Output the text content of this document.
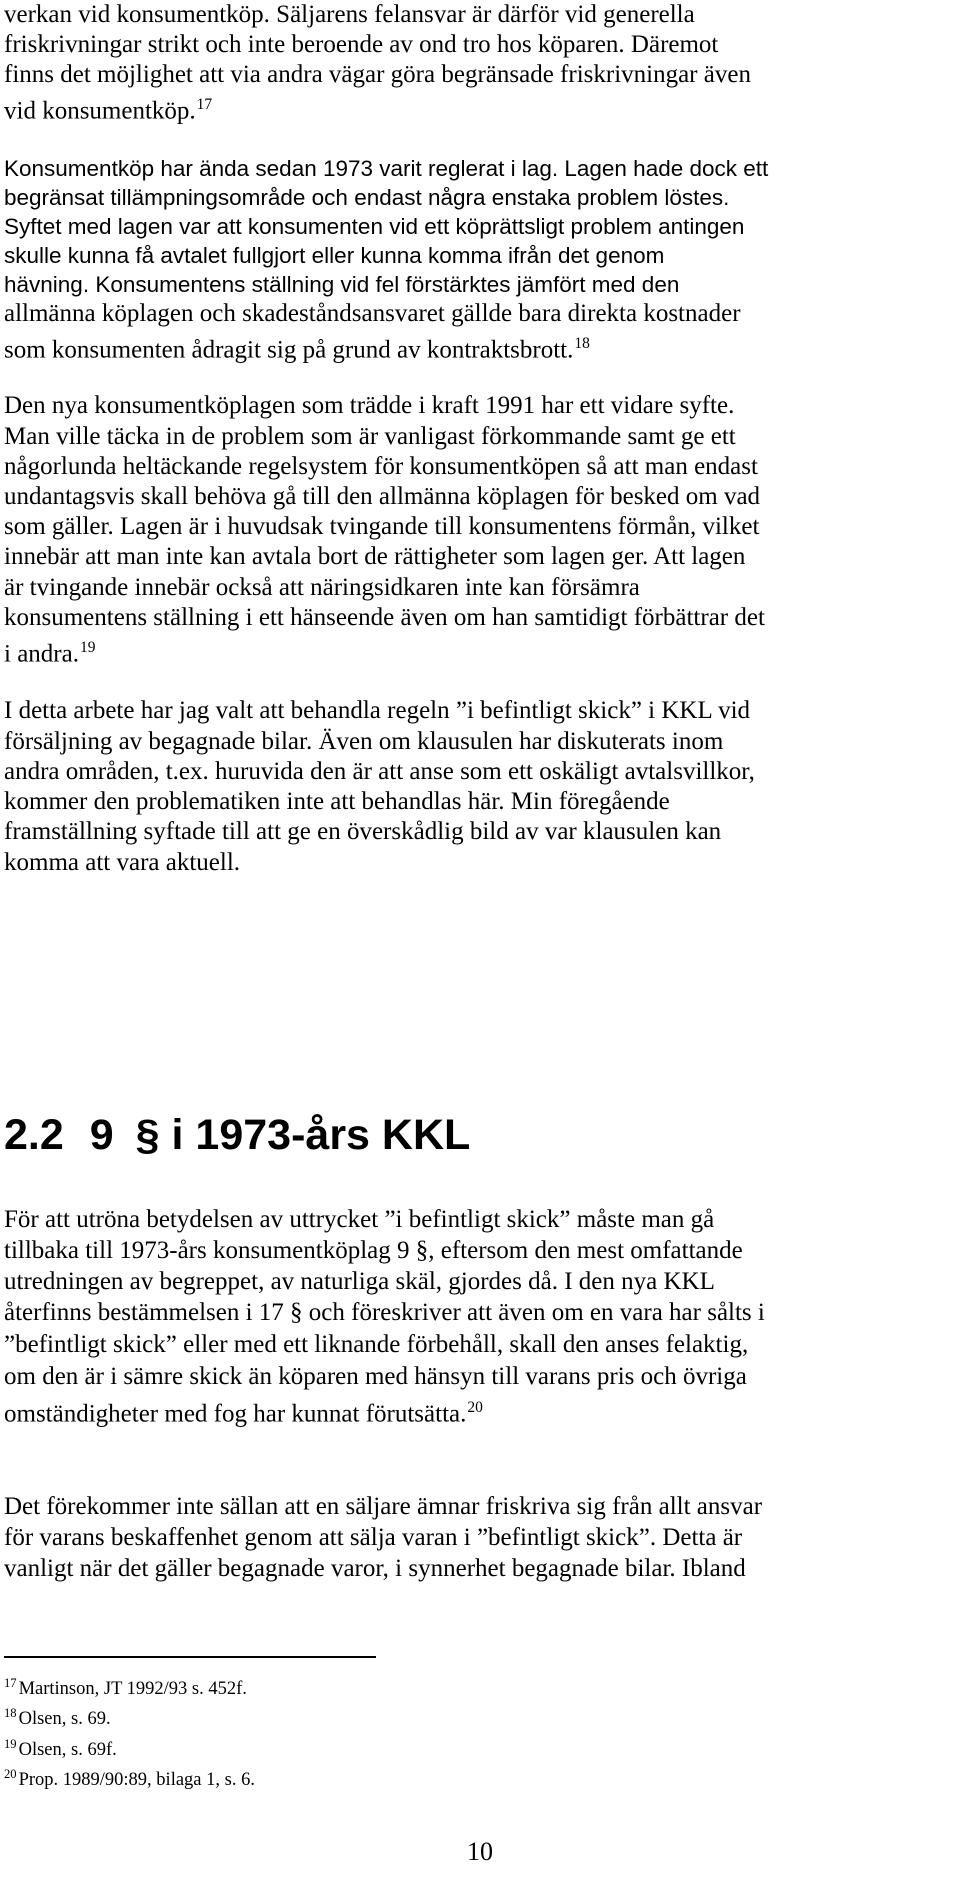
verkan vid konsumentköp. Säljarens felansvar är därför vid generella
friskrivningar strikt och inte beroende av ond tro hos köparen. Däremot
finns det möjlighet att via andra vägar göra begränsade friskrivningar även
vid konsumentköp.$^{17}$
Konsumentköp har ända sedan 1973 varit reglerat i lag. Lagen hade dock ett
begränsat tillämpningsområde och endast några enstaka problem löstes.
Syftet med lagen var att konsumenten vid ett köprättsligt problem antingen
skulle kunna få avtalet fullgjort eller kunna komma ifrån det genom
hävning. Konsumentens ställning vid fel förstärktes jämfört med den
allmänna köplagen och skadeståndsansvaret gällde bara direkta kostnader
som konsumenten ådragit sig på grund av kontraktsbrott.$^{18}$
Den nya konsumentköplagen som trädde i kraft 1991 har ett vidare syfte.
Man ville täcka in de problem som är vanligast förkommande samt ge ett
någorlunda heltäckande regelsystem för konsumentköpen så att man endast
undantagsvis skall behöva gå till den allmänna köplagen för besked om vad
som gäller. Lagen är i huvudsak tvingande till konsumentens förmån, vilket
innebär att man inte kan avtala bort de rättigheter som lagen ger. Att lagen
är tvingande innebär också att näringsidkaren inte kan försämra
konsumentens ställning i ett hänseende även om han samtidigt förbättrar det
i andra.$^{19}$
I detta arbete har jag valt att behandla regeln ”i befintligt skick” i KKL vid
försäljning av begagnade bilar. Även om klausulen har diskuterats inom
andra områden, t.ex. huruvida den är att anse som ett oskäligt avtalsvillkor,
kommer den problematiken inte att behandlas här. Min föregående
framställning syftade till att ge en överskådlig bild av var klausulen kan
komma att vara aktuell.
2.2 9 § i 1973-års KKL
För att utröna betydelsen av uttrycket ”i befintligt skick” måste man gå
tillbaka till 1973-års konsumentköplag 9 §, eftersom den mest omfattande
utredningen av begreppet, av naturliga skäl, gjordes då. I den nya KKL
återfinns bestämmelsen i 17 § och föreskriver att även om en vara har sålts i
”befintligt skick” eller med ett liknande förbehåll, skall den anses felaktig,
om den är i sämre skick än köparen med hänsyn till varans pris och övriga
omständigheter med fog har kunnat förutsätta.$^{20}$
Det förekommer inte sällan att en säljare ämnar friskriva sig från allt ansvar
för varans beskaffenhet genom att sälja varan i ”befintligt skick”. Detta är
vanligt när det gäller begagnade varor, i synnerhet begagnade bilar. Ibland
$^{17}$ Martinson, JT 1992/93 s. 452f.
$^{18}$ Olsen, s. 69.
$^{19}$ Olsen, s. 69f.
$^{20}$ Prop. 1989/90:89, bilaga 1, s. 6.
10
